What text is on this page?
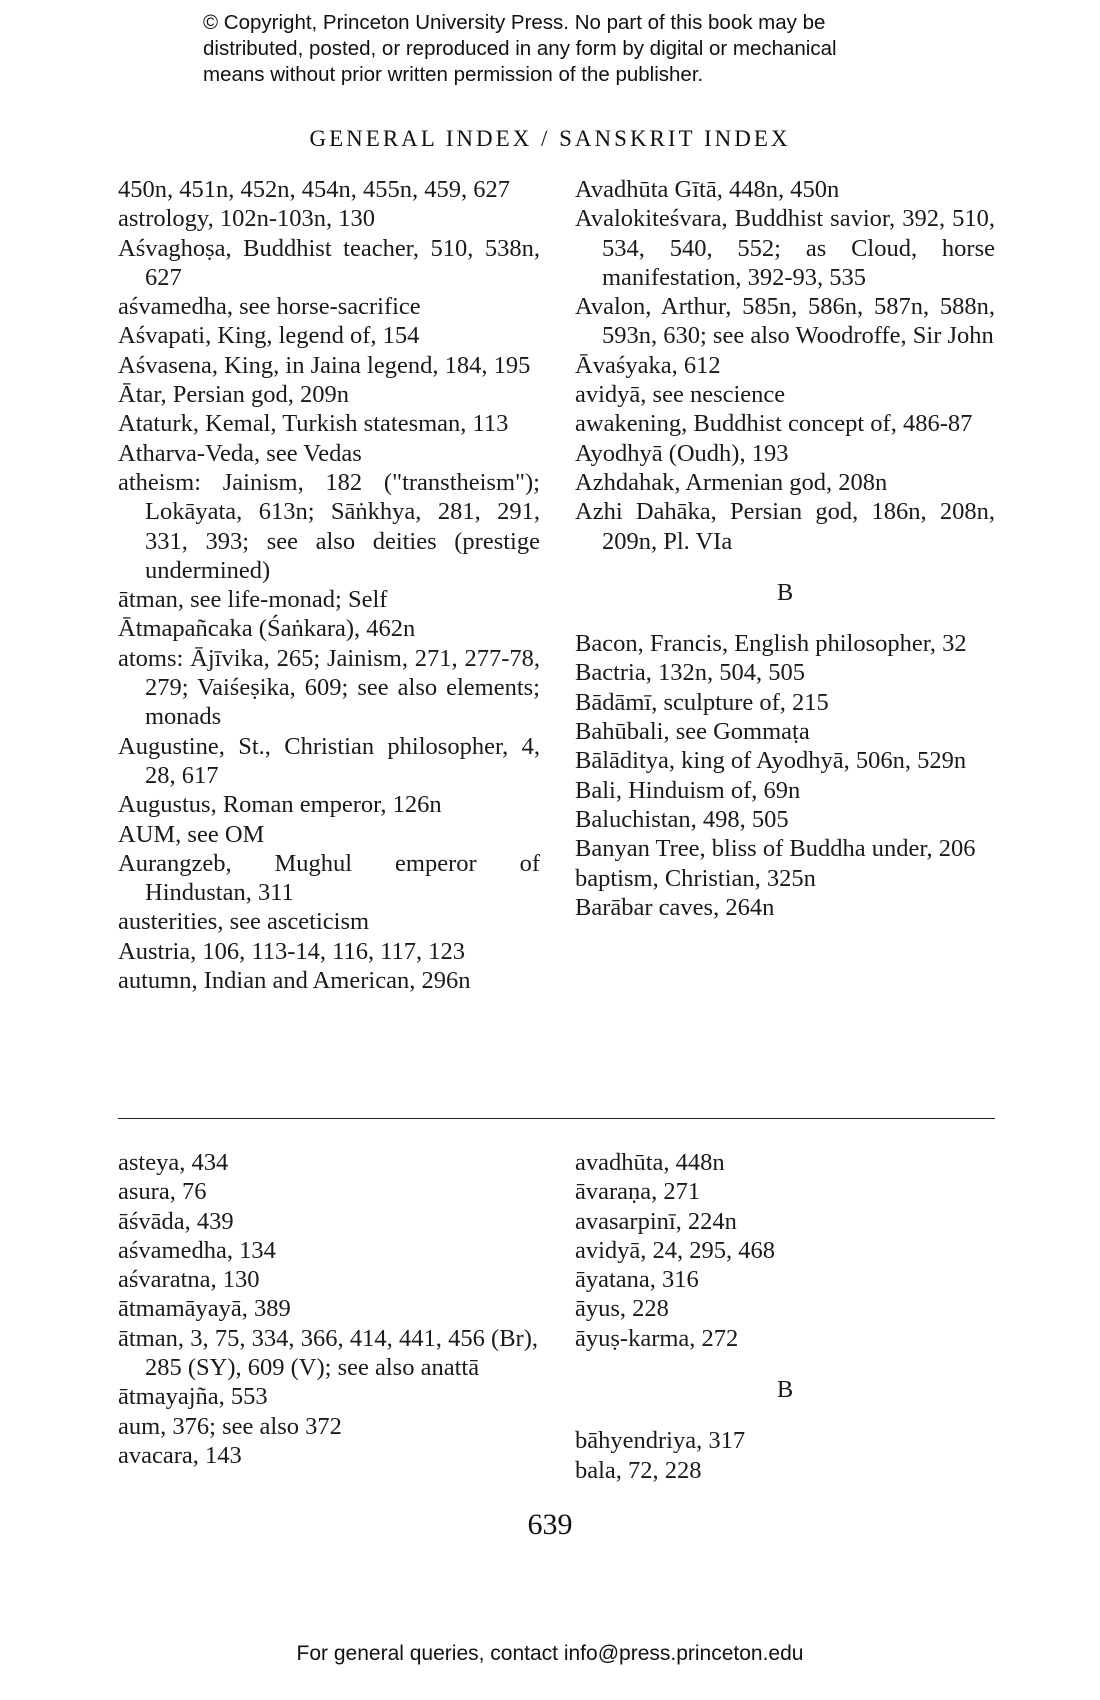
© Copyright, Princeton University Press. No part of this book may be
distributed, posted, or reproduced in any form by digital or mechanical
means without prior written permission of the publisher.
GENERAL INDEX / SANSKRIT INDEX
450n, 451n, 452n, 454n, 455n, 459, 627
astrology, 102n-103n, 130
Aśvaghoṣa, Buddhist teacher, 510, 538n, 627
aśvamedha, see horse-sacrifice
Aśvapati, King, legend of, 154
Aśvasena, King, in Jaina legend, 184, 195
Ātar, Persian god, 209n
Ataturk, Kemal, Turkish statesman, 113
Atharva-Veda, see Vedas
atheism: Jainism, 182 ("transtheism"); Lokāyata, 613n; Sāṅkhya, 281, 291, 331, 393; see also deities (prestige undermined)
ātman, see life-monad; Self
Ātmapañcaka (Śaṅkara), 462n
atoms: Ājīvika, 265; Jainism, 271, 277-78, 279; Vaiśeṣika, 609; see also elements; monads
Augustine, St., Christian philosopher, 4, 28, 617
Augustus, Roman emperor, 126n
AUM, see OM
Aurangzeb, Mughul emperor of Hindustan, 311
austerities, see asceticism
Austria, 106, 113-14, 116, 117, 123
autumn, Indian and American, 296n
Avadhūta Gītā, 448n, 450n
Avalokiteśvara, Buddhist savior, 392, 510, 534, 540, 552; as Cloud, horse manifestation, 392-93, 535
Avalon, Arthur, 585n, 586n, 587n, 588n, 593n, 630; see also Woodroffe, Sir John
Āvaśyaka, 612
avidyā, see nescience
awakening, Buddhist concept of, 486-87
Ayodhyā (Oudh), 193
Azhdahak, Armenian god, 208n
Azhi Dahāka, Persian god, 186n, 208n, 209n, Pl. VIa
B
Bacon, Francis, English philosopher, 32
Bactria, 132n, 504, 505
Bādāmī, sculpture of, 215
Bahūbali, see Gommaṭa
Bālāditya, king of Ayodhyā, 506n, 529n
Bali, Hinduism of, 69n
Baluchistan, 498, 505
Banyan Tree, bliss of Buddha under, 206
baptism, Christian, 325n
Barābar caves, 264n
asteya, 434
asura, 76
āśvāda, 439
aśvamedha, 134
aśvaratna, 130
ātmamāyayā, 389
ātman, 3, 75, 334, 366, 414, 441, 456 (Br), 285 (SY), 609 (V); see also anattā
ātmayajña, 553
aum, 376; see also 372
avacara, 143
avadhūta, 448n
āvaraṇa, 271
avasarpinī, 224n
avidyā, 24, 295, 468
āyatana, 316
āyus, 228
āyuṣ-karma, 272
B
bāhyendriya, 317
bala, 72, 228
639
For general queries, contact info@press.princeton.edu
